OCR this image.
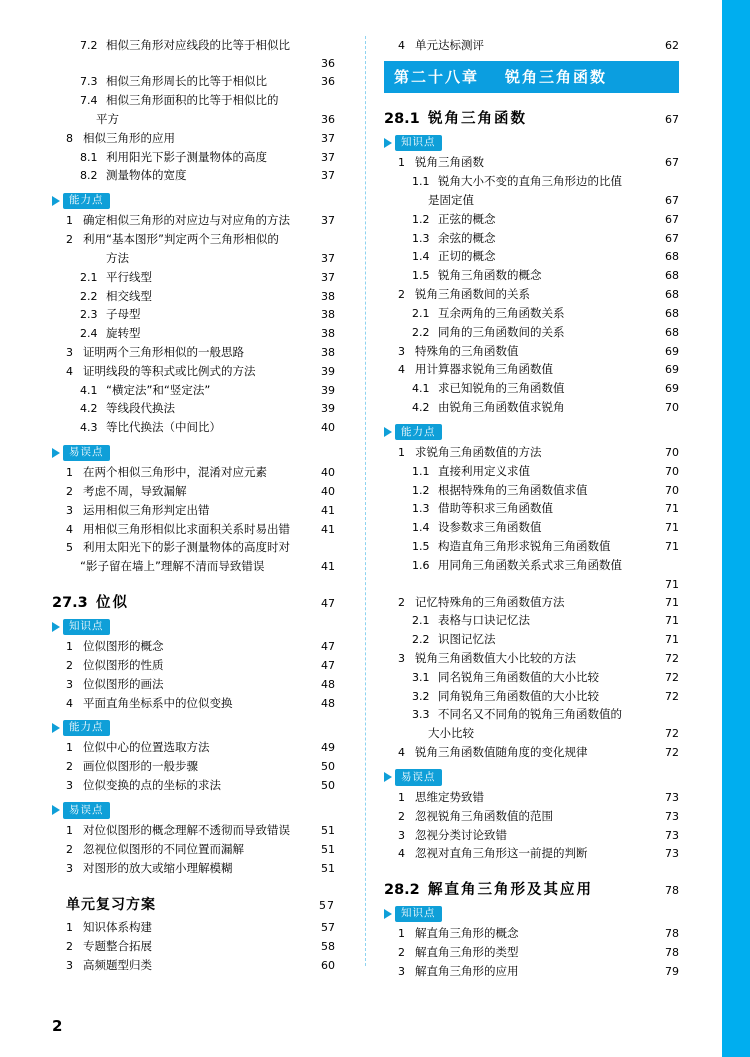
7.2 相似三角形对应线段的比等于相似比
36
7.3 相似三角形周长的比等于相似比	36
7.4 相似三角形面积的比等于相似比的
平方	36
8 相似三角形的应用	37
8.1 利用阳光下影子测量物体的高度	37
8.2 测量物体的宽度	37
能力点
1 确定相似三角形的对应边与对应角的方法	37
2 利用“基本图形”判定两个三角形相似的
方法	37
2.1 平行线型	37
2.2 相交线型	38
2.3 子母型	38
2.4 旋转型	38
3 证明两个三角形相似的一般思路	38
4 证明线段的等积式或比例式的方法	39
4.1 “横定法”和“竖定法”	39
4.2 等线段代换法	39
4.3 等比代换法（中间比）	40
易误点
1 在两个相似三角形中，混淆对应元素	40
2 考虑不周，导致漏解	40
3 运用相似三角形判定出错	41
4 用相似三角形相似比求面积关系时易出错	41
5 利用太阳光下的影子测量物体的高度时对
“影子留在墙上”理解不清而导致错误	41
27.3 位似	47
知识点
1 位似图形的概念	47
2 位似图形的性质	47
3 位似图形的画法	48
4 平面直角坐标系中的位似变换	48
能力点
1 位似中心的位置选取方法	49
2 画位似图形的一般步骤	50
3 位似变换的点的坐标的求法	50
易误点
1 对位似图形的概念理解不透彻而导致错误	51
2 忽视位似图形的不同位置而漏解	51
3 对图形的放大或缩小理解模糊	51
单元复习方案	57
1 知识体系构建	57
2 专题整合拓展	58
3 高频题型归类	60
4 单元达标测评	62
第二十八章 锐角三角函数
28.1 锐角三角函数	67
知识点
1 锐角三角函数	67
1.1 锐角大小不变的直角三角形边的比值
是固定值	67
1.2 正弦的概念	67
1.3 余弦的概念	67
1.4 正切的概念	68
1.5 锐角三角函数的概念	68
2 锐角三角函数间的关系	68
2.1 互余两角的三角函数关系	68
2.2 同角的三角函数间的关系	68
3 特殊角的三角函数值	69
4 用计算器求锐角三角函数值	69
4.1 求已知锐角的三角函数值	69
4.2 由锐角三角函数值求锐角	70
能力点
1 求锐角三角函数值的方法	70
1.1 直接利用定义求值	70
1.2 根据特殊角的三角函数值求值	70
1.3 借助等积求三角函数值	71
1.4 设参数求三角函数值	71
1.5 构造直角三角形求锐角三角函数值	71
1.6 用同角三角函数关系式求三角函数值
71
2 记忆特殊角的三角函数值方法	71
2.1 表格与口诀记忆法	71
2.2 识图记忆法	71
3 锐角三角函数值大小比较的方法	72
3.1 同名锐角三角函数值的大小比较	72
3.2 同角锐角三角函数值的大小比较	72
3.3 不同名又不同角的锐角三角函数值的
大小比较	72
4 锐角三角函数值随角度的变化规律	72
易误点
1 思维定势致错	73
2 忽视锐角三角函数值的范围	73
3 忽视分类讨论致错	73
4 忽视对直角三角形这一前提的判断	73
28.2 解直角三角形及其应用	78
知识点
1 解直角三角形的概念	78
2 解直角三角形的类型	78
3 解直角三角形的应用	79
2
